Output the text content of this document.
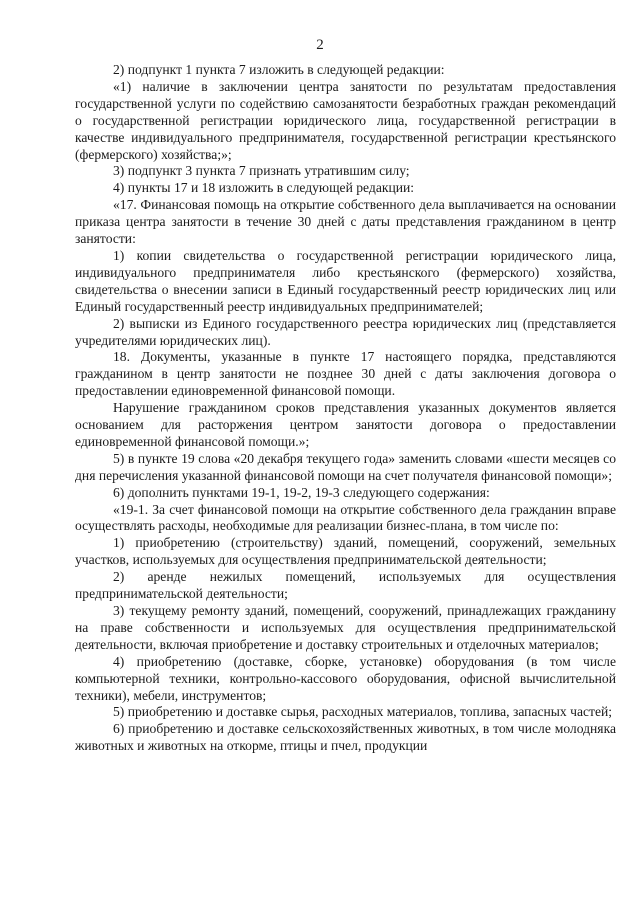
2

2) подпункт 1 пункта 7 изложить в следующей редакции:

«1) наличие в заключении центра занятости по результатам предоставления государственной услуги по содействию самозанятости безработных граждан рекомендаций о государственной регистрации юридического лица, государственной регистрации в качестве индивидуального предпринимателя, государственной регистрации крестьянского (фермерского) хозяйства;»;

3) подпункт 3 пункта 7 признать утратившим силу;

4) пункты 17 и 18 изложить в следующей редакции:

«17. Финансовая помощь на открытие собственного дела выплачивается на основании приказа центра занятости в течение 30 дней с даты представления гражданином в центр занятости:

1) копии свидетельства о государственной регистрации юридического лица, индивидуального предпринимателя либо крестьянского (фермерского) хозяйства, свидетельства о внесении записи в Единый государственный реестр юридических лиц или Единый государственный реестр индивидуальных предпринимателей;

2) выписки из Единого государственного реестра юридических лиц (представляется учредителями юридических лиц).

18. Документы, указанные в пункте 17 настоящего порядка, представляются гражданином в центр занятости не позднее 30 дней с даты заключения договора о предоставлении единовременной финансовой помощи.

Нарушение гражданином сроков представления указанных документов является основанием для расторжения центром занятости договора о предоставлении единовременной финансовой помощи.»;

5) в пункте 19 слова «20 декабря текущего года» заменить словами «шести месяцев со дня перечисления указанной финансовой помощи на счет получателя финансовой помощи»;

6) дополнить пунктами 19-1, 19-2, 19-3 следующего содержания:

«19-1. За счет финансовой помощи на открытие собственного дела гражданин вправе осуществлять расходы, необходимые для реализации бизнес-плана, в том числе по:

1) приобретению (строительству) зданий, помещений, сооружений, земельных участков, используемых для осуществления предпринимательской деятельности;

2) аренде нежилых помещений, используемых для осуществления предпринимательской деятельности;

3) текущему ремонту зданий, помещений, сооружений, принадлежащих гражданину на праве собственности и используемых для осуществления предпринимательской деятельности, включая приобретение и доставку строительных и отделочных материалов;

4) приобретению (доставке, сборке, установке) оборудования (в том числе компьютерной техники, контрольно-кассового оборудования, офисной вычислительной техники), мебели, инструментов;

5) приобретению и доставке сырья, расходных материалов, топлива, запасных частей;

6) приобретению и доставке сельскохозяйственных животных, в том числе молодняка животных и животных на откорме, птицы и пчел, продукции
